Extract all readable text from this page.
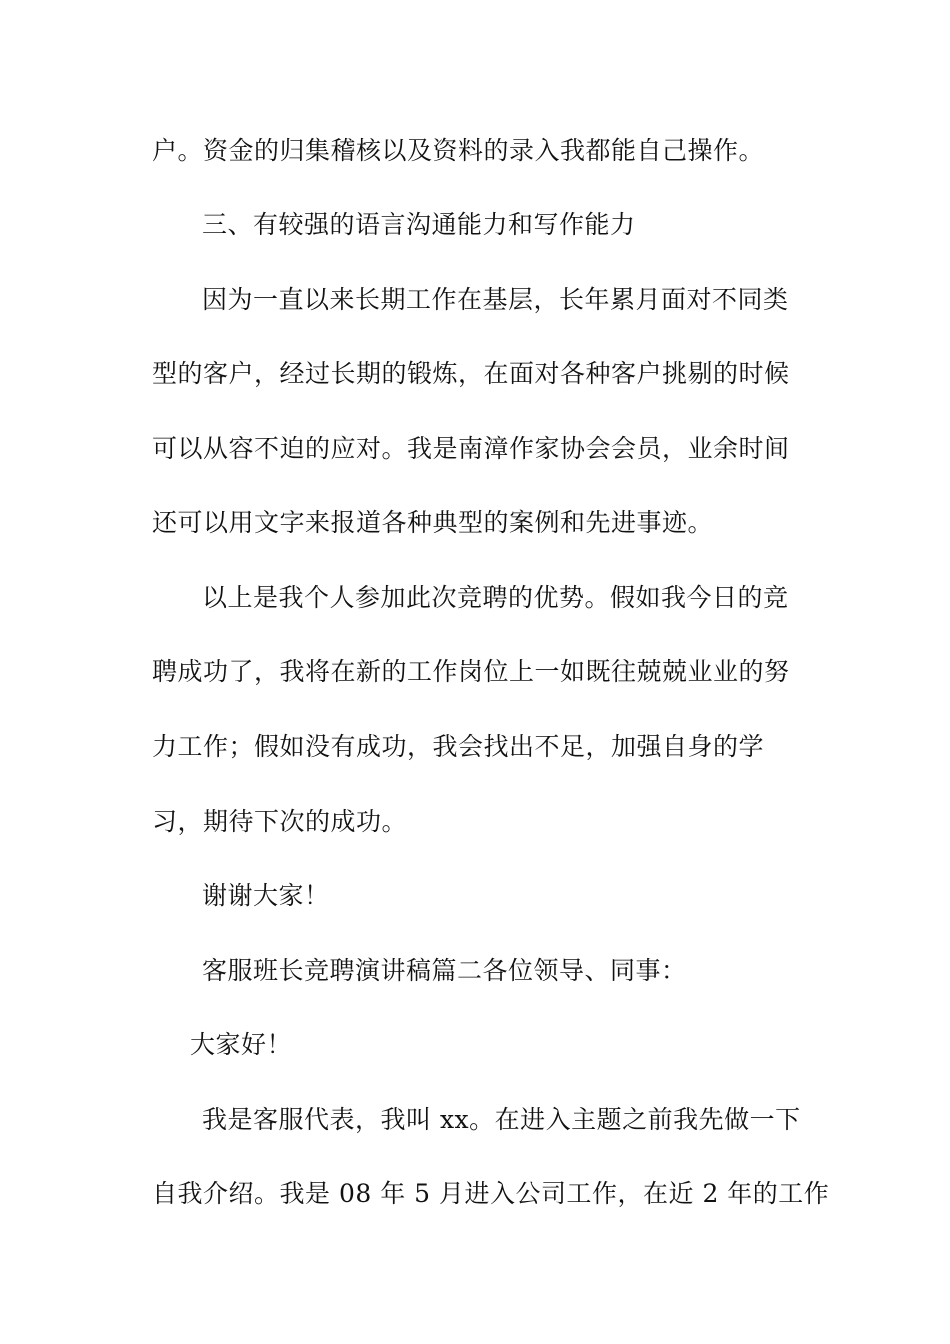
户。资金的归集稽核以及资料的录入我都能自己操作。
三、有较强的语言沟通能力和写作能力
因为一直以来长期工作在基层，长年累月面对不同类
型的客户，经过长期的锻炼，在面对各种客户挑剔的时候
可以从容不迫的应对。我是南漳作家协会会员，业余时间
还可以用文字来报道各种典型的案例和先进事迹。
以上是我个人参加此次竞聘的优势。假如我今日的竞
聘成功了，我将在新的工作岗位上一如既往兢兢业业的努
力工作；假如没有成功，我会找出不足，加强自身的学
习，期待下次的成功。
谢谢大家！
客服班长竞聘演讲稿篇二各位领导、同事：
大家好！
我是客服代表，我叫 xx。在进入主题之前我先做一下
自我介绍。我是 08 年 5 月进入公司工作，在近 2 年的工作
